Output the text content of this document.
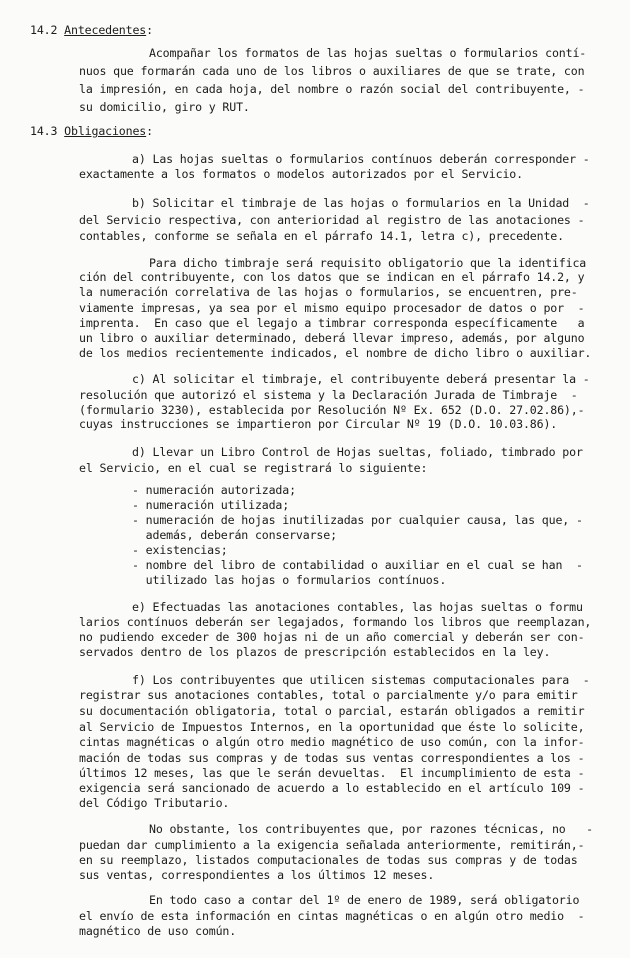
14.2 Antecedentes:
Acompañar los formatos de las hojas sueltas o formularios contí-
nuos que formarán cada uno de los libros o auxiliares de que se trate, con
la impresión, en cada hoja, del nombre o razón social del contribuyente, -
su domicilio, giro y RUT.
14.3 Obligaciones:
a) Las hojas sueltas o formularios contínuos deberán corresponder -
exactamente a los formatos o modelos autorizados por el Servicio.
b) Solicitar el timbraje de las hojas o formularios en la Unidad  -
del Servicio respectiva, con anterioridad al registro de las anotaciones -
contables, conforme se señala en el párrafo 14.1, letra c), precedente.
Para dicho timbraje será requisito obligatorio que la identifica
ción del contribuyente, con los datos que se indican en el párrafo 14.2, y
la numeración correlativa de las hojas o formularios, se encuentren, pre-
viamente impresas, ya sea por el mismo equipo procesador de datos o por  -
imprenta.  En caso que el legajo a timbrar corresponda específicamente   a
un libro o auxiliar determinado, deberá llevar impreso, además, por alguno
de los medios recientemente indicados, el nombre de dicho libro o auxiliar.
c) Al solicitar el timbraje, el contribuyente deberá presentar la -
resolución que autorizó el sistema y la Declaración Jurada de Timbraje  -
(formulario 3230), establecida por Resolución Nº Ex. 652 (D.O. 27.02.86),-
cuyas instrucciones se impartieron por Circular Nº 19 (D.O. 10.03.86).
d) Llevar un Libro Control de Hojas sueltas, foliado, timbrado por
el Servicio, en el cual se registrará lo siguiente:
- numeración autorizada;
- numeración utilizada;
- numeración de hojas inutilizadas por cualquier causa, las que, -
además, deberán conservarse;
- existencias;
- nombre del libro de contabilidad o auxiliar en el cual se han  -
utilizado las hojas o formularios contínuos.
e) Efectuadas las anotaciones contables, las hojas sueltas o formu
larios contínuos deberán ser legajados, formando los libros que reemplazan,
no pudiendo exceder de 300 hojas ni de un año comercial y deberán ser con-
servados dentro de los plazos de prescripción establecidos en la ley.
f) Los contribuyentes que utilicen sistemas computacionales para  -
registrar sus anotaciones contables, total o parcialmente y/o para emitir
su documentación obligatoria, total o parcial, estarán obligados a remitir
al Servicio de Impuestos Internos, en la oportunidad que éste lo solicite,
cintas magnéticas o algún otro medio magnético de uso común, con la infor-
mación de todas sus compras y de todas sus ventas correspondientes a los -
últimos 12 meses, las que le serán devueltas.  El incumplimiento de esta -
exigencia será sancionado de acuerdo a lo establecido en el artículo 109 -
del Código Tributario.
No obstante, los contribuyentes que, por razones técnicas, no   -
puedan dar cumplimiento a la exigencia señalada anteriormente, remitirán,-
en su reemplazo, listados computacionales de todas sus compras y de todas
sus ventas, correspondientes a los últimos 12 meses.
En todo caso a contar del 1º de enero de 1989, será obligatorio
el envío de esta información en cintas magnéticas o en algún otro medio  -
magnético de uso común.
